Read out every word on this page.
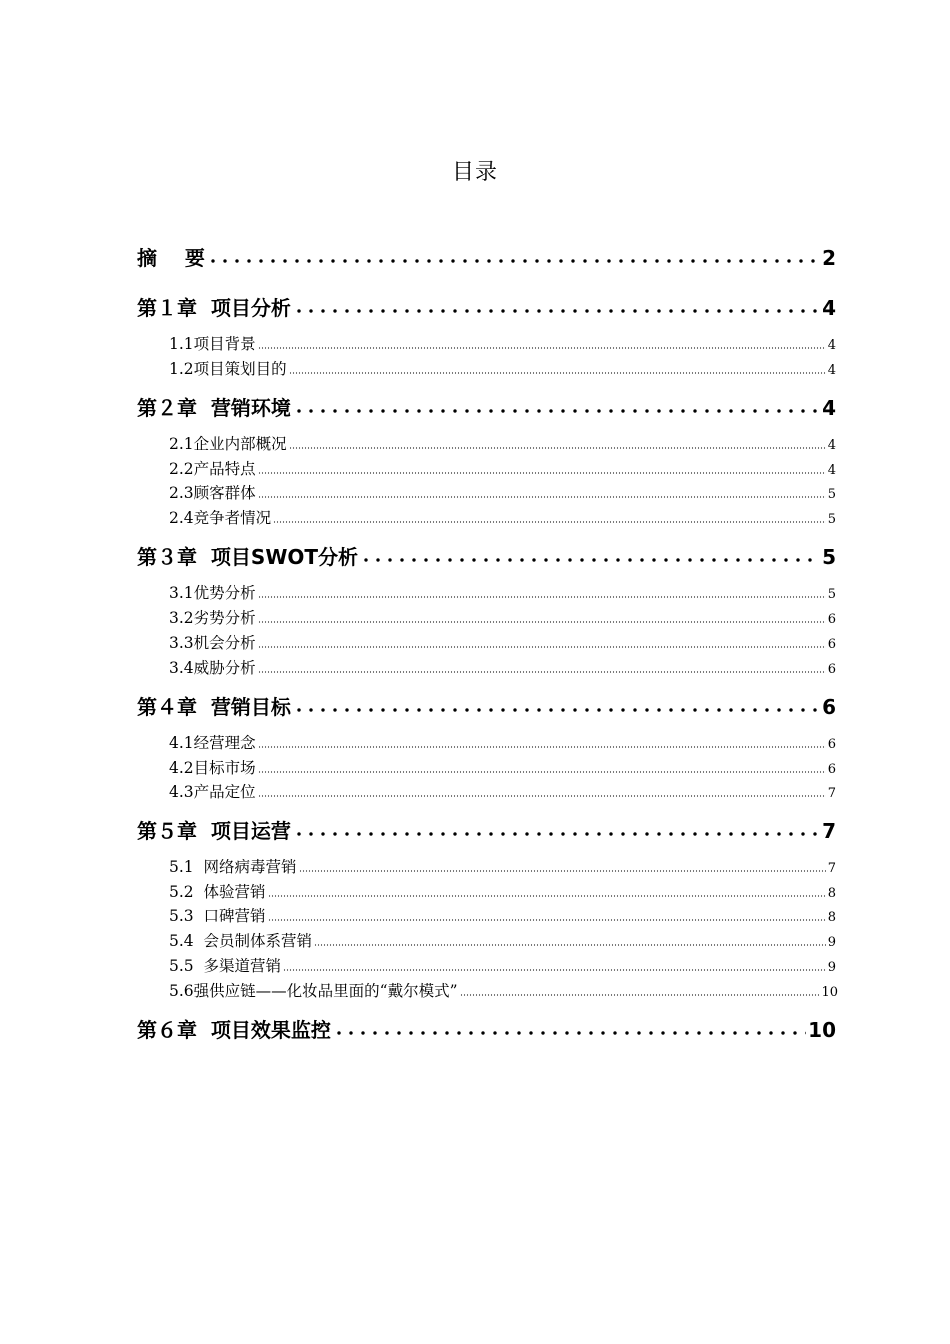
目录
摘    要	2
第１章  项目分析	4
1.1项目背景	4
1.2项目策划目的	4
第２章  营销环境	4
2.1企业内部概况	4
2.2产品特点	4
2.3顾客群体	5
2.4竞争者情况	5
第３章  项目SWOT分析	5
3.1优势分析	5
3.2劣势分析	6
3.3机会分析	6
3.4威胁分析	6
第４章  营销目标	6
4.1经营理念	6
4.2目标市场	6
4.3产品定位	7
第５章  项目运营	7
5.1  网络病毒营销	7
5.2  体验营销	8
5.3  口碑营销	8
5.4  会员制体系营销	9
5.5  多渠道营销	9
5.6强供应链——化妆品里面的“戴尔模式”	10
第６章  项目效果监控	10
